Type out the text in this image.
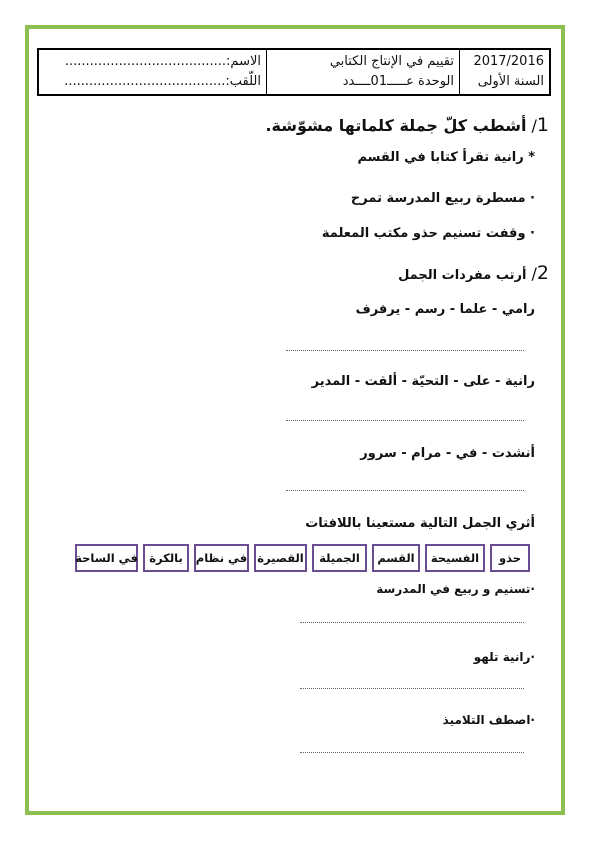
الاسم:.......................................
اللّقب:.......................................
تقييم في الإنتاج الكتابي
الوحدة عـــــ01ــــدد
2017/2016
السنة الأولى
1/ أشطب كلّ جملة كلماتها مشوّشة.
* رانية تقرأ كتابا في القسم
· مسطرة ربيع المدرسة تمرح
· وقفت تسنيم حذو مكتب المعلمة
2/ أرتب مفردات الجمل
رامي - علما - رسم - يرفرف
رانية - على - التحيّة - ألقت - المدير
أنشدت - في - مرام - سرور
أثري الجمل التالية مستعينا باللافتات
حذو
الفسيحة
القسم
الجميلة
القصيرة
في نظام
بالكرة
في الساحة
·تسنيم و ربيع في المدرسة
·رانية تلهو
·اصطف التلاميذ
